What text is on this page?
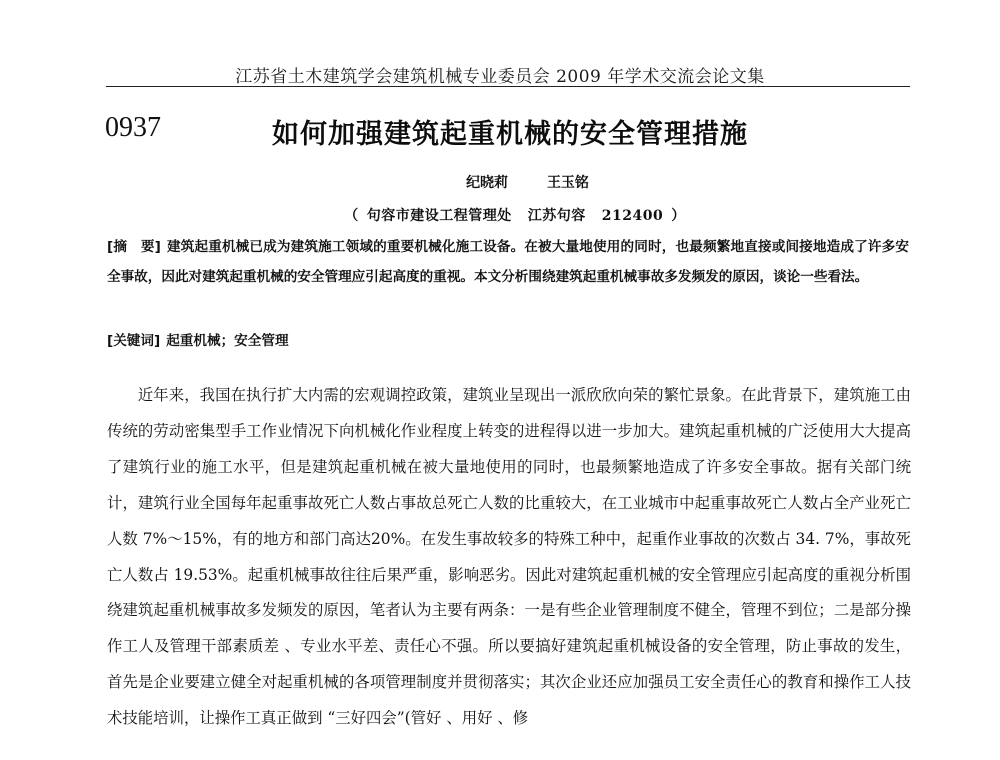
江苏省土木建筑学会建筑机械专业委员会 2009 年学术交流会论文集
0937	如何加强建筑起重机械的安全管理措施
纪晓莉	王玉铭
（ 句容市建设工程管理处 江苏句容 212400 ）
[摘　要] 建筑起重机械已成为建筑施工领域的重要机械化施工设备。在被大量地使用的同时，也最频繁地直接或间接地造成了许多安全事故，因此对建筑起重机械的安全管理应引起高度的重视。本文分析围绕建筑起重机械事故多发频发的原因，谈论一些看法。
[关键词] 起重机械；安全管理
近年来，我国在执行扩大内需的宏观调控政策，建筑业呈现出一派欣欣向荣的繁忙景象。在此背景下，建筑施工由传统的劳动密集型手工作业情况下向机械化作业程度上转变的进程得以进一步加大。建筑起重机械的广泛使用大大提高了建筑行业的施工水平，但是建筑起重机械在被大量地使用的同时，也最频繁地造成了许多安全事故。据有关部门统计，建筑行业全国每年起重事故死亡人数占事故总死亡人数的比重较大，在工业城市中起重事故死亡人数占全产业死亡人数 7%～15%，有的地方和部门高达20%。在发生事故较多的特殊工种中，起重作业事故的次数占 34. 7%，事故死亡人数占 19.53%。起重机械事故往往后果严重，影响恶劣。因此对建筑起重机械的安全管理应引起高度的重视分析围绕建筑起重机械事故多发频发的原因，笔者认为主要有两条：一是有些企业管理制度不健全，管理不到位；二是部分操作工人及管理干部素质差 、专业水平差、责任心不强。所以要搞好建筑起重机械设备的安全管理，防止事故的发生，首先是企业要建立健全对起重机械的各项管理制度并贯彻落实；其次企业还应加强员工安全责任心的教育和操作工人技术技能培训，让操作工真正做到 “三好四会”(管好 、用好 、修
